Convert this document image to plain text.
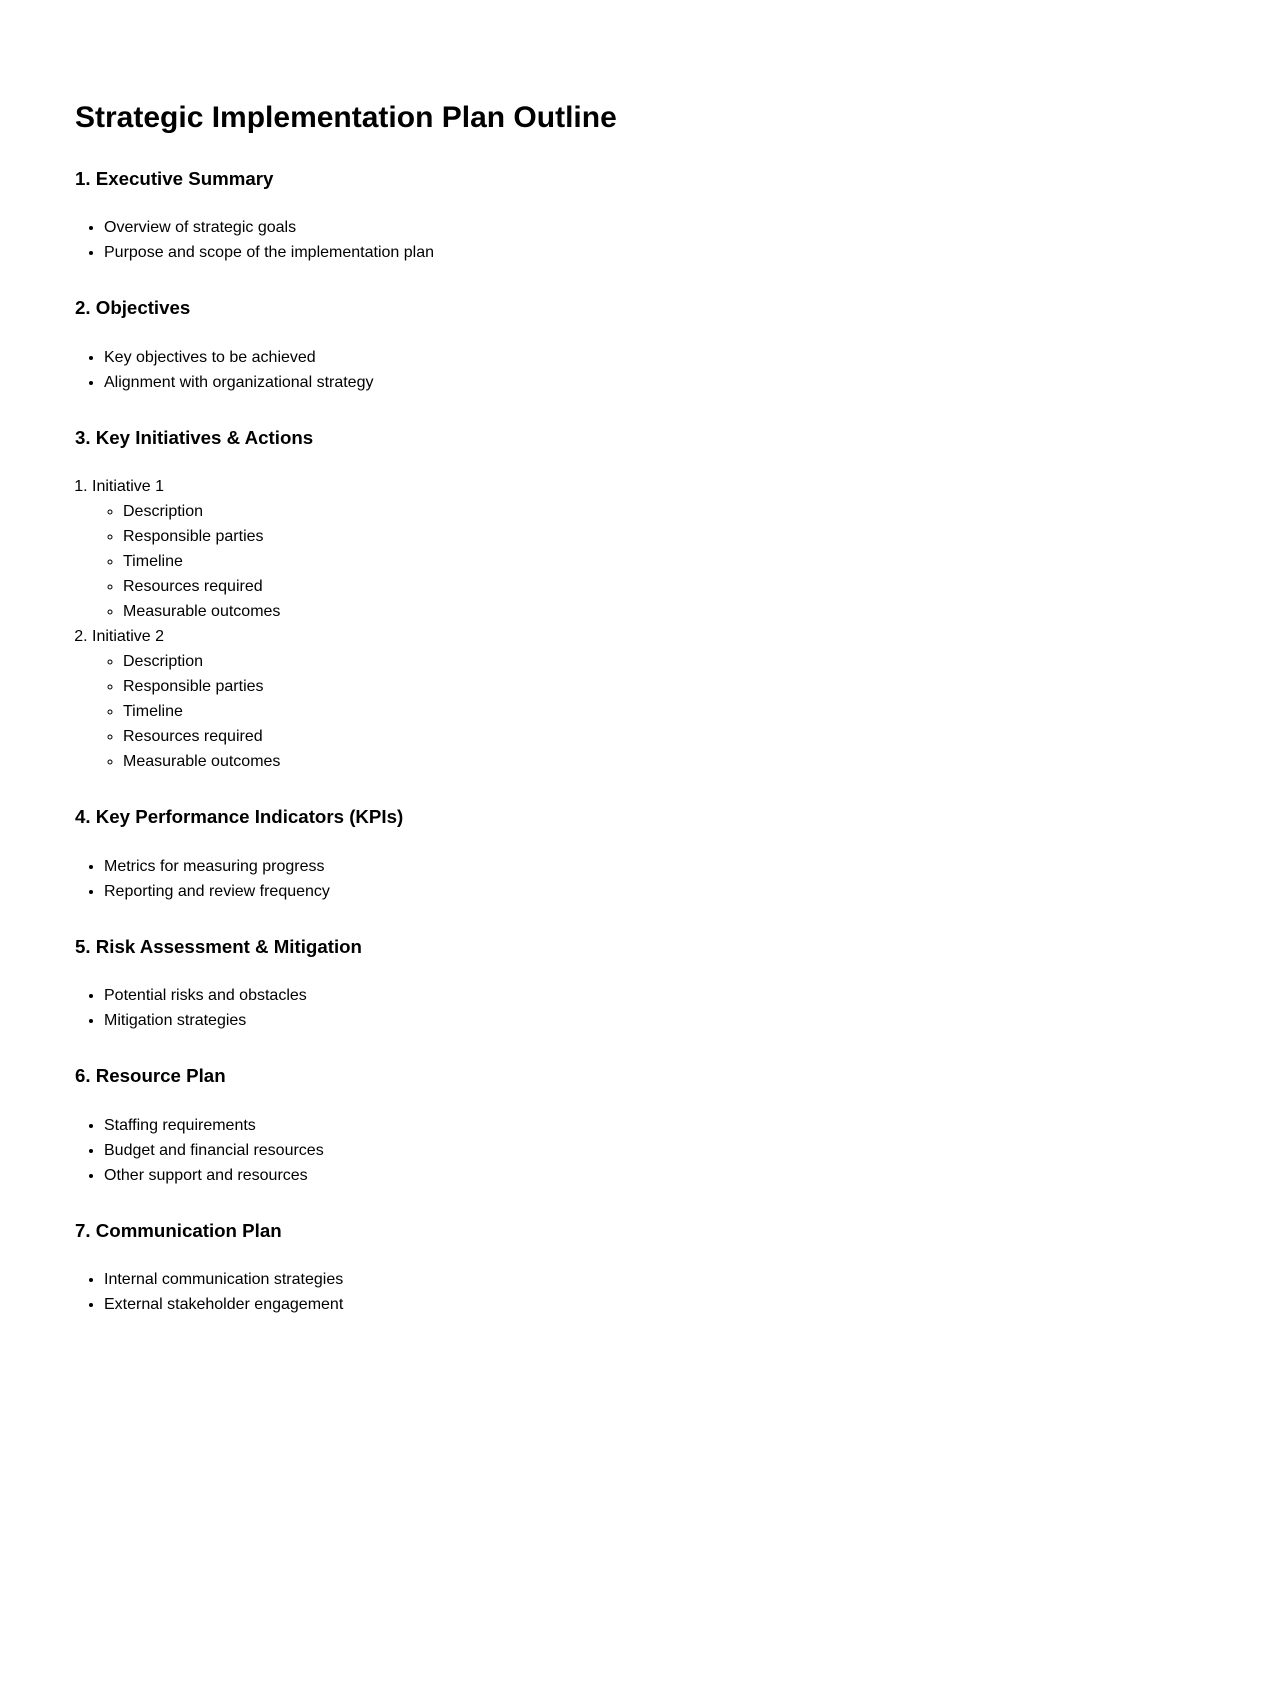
Strategic Implementation Plan Outline
1. Executive Summary
• Overview of strategic goals
• Purpose and scope of the implementation plan
2. Objectives
• Key objectives to be achieved
• Alignment with organizational strategy
3. Key Initiatives & Actions
1. Initiative 1
◦ Description
◦ Responsible parties
◦ Timeline
◦ Resources required
◦ Measurable outcomes
2. Initiative 2
◦ Description
◦ Responsible parties
◦ Timeline
◦ Resources required
◦ Measurable outcomes
4. Key Performance Indicators (KPIs)
• Metrics for measuring progress
• Reporting and review frequency
5. Risk Assessment & Mitigation
• Potential risks and obstacles
• Mitigation strategies
6. Resource Plan
• Staffing requirements
• Budget and financial resources
• Other support and resources
7. Communication Plan
• Internal communication strategies
• External stakeholder engagement
